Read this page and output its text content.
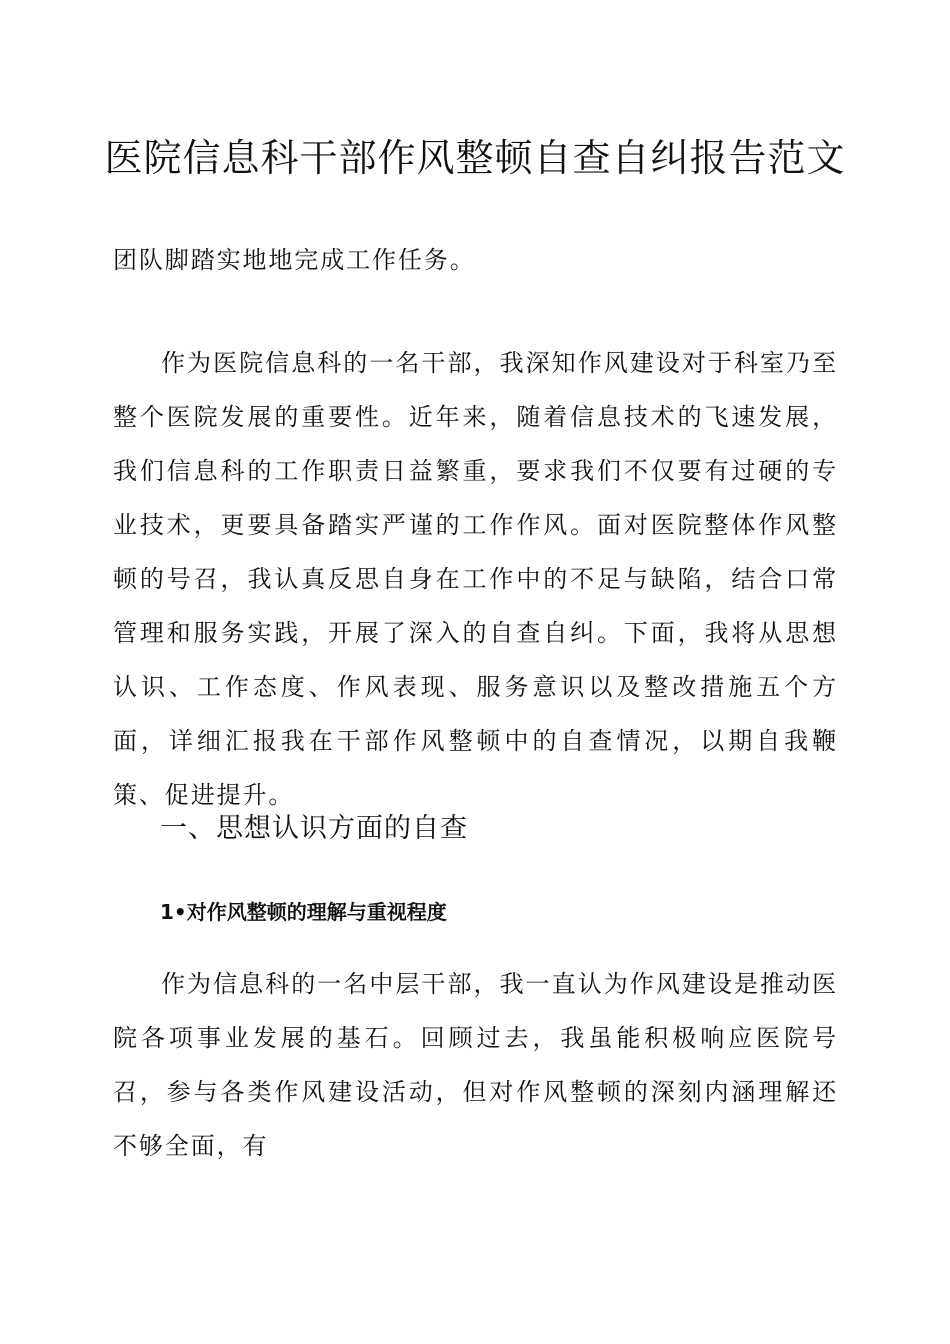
医院信息科干部作风整顿自查自纠报告范文

团队脚踏实地地完成工作任务。

作为医院信息科的一名干部，我深知作风建设对于科室乃至整个医院发展的重要性。近年来，随着信息技术的飞速发展，我们信息科的工作职责日益繁重，要求我们不仅要有过硬的专业技术，更要具备踏实严谨的工作作风。面对医院整体作风整顿的号召，我认真反思自身在工作中的不足与缺陷，结合口常管理和服务实践，开展了深入的自查自纠。下面，我将从思想认识、工作态度、作风表现、服务意识以及整改措施五个方面，详细汇报我在干部作风整顿中的自查情况，以期自我鞭策、促进提升。

一、思想认识方面的自查
1•对作风整顿的理解与重视程度

作为信息科的一名中层干部，我一直认为作风建设是推动医院各项事业发展的基石。回顾过去，我虽能积极响应医院号召，参与各类作风建设活动，但对作风整顿的深刻内涵理解还不够全面，有
